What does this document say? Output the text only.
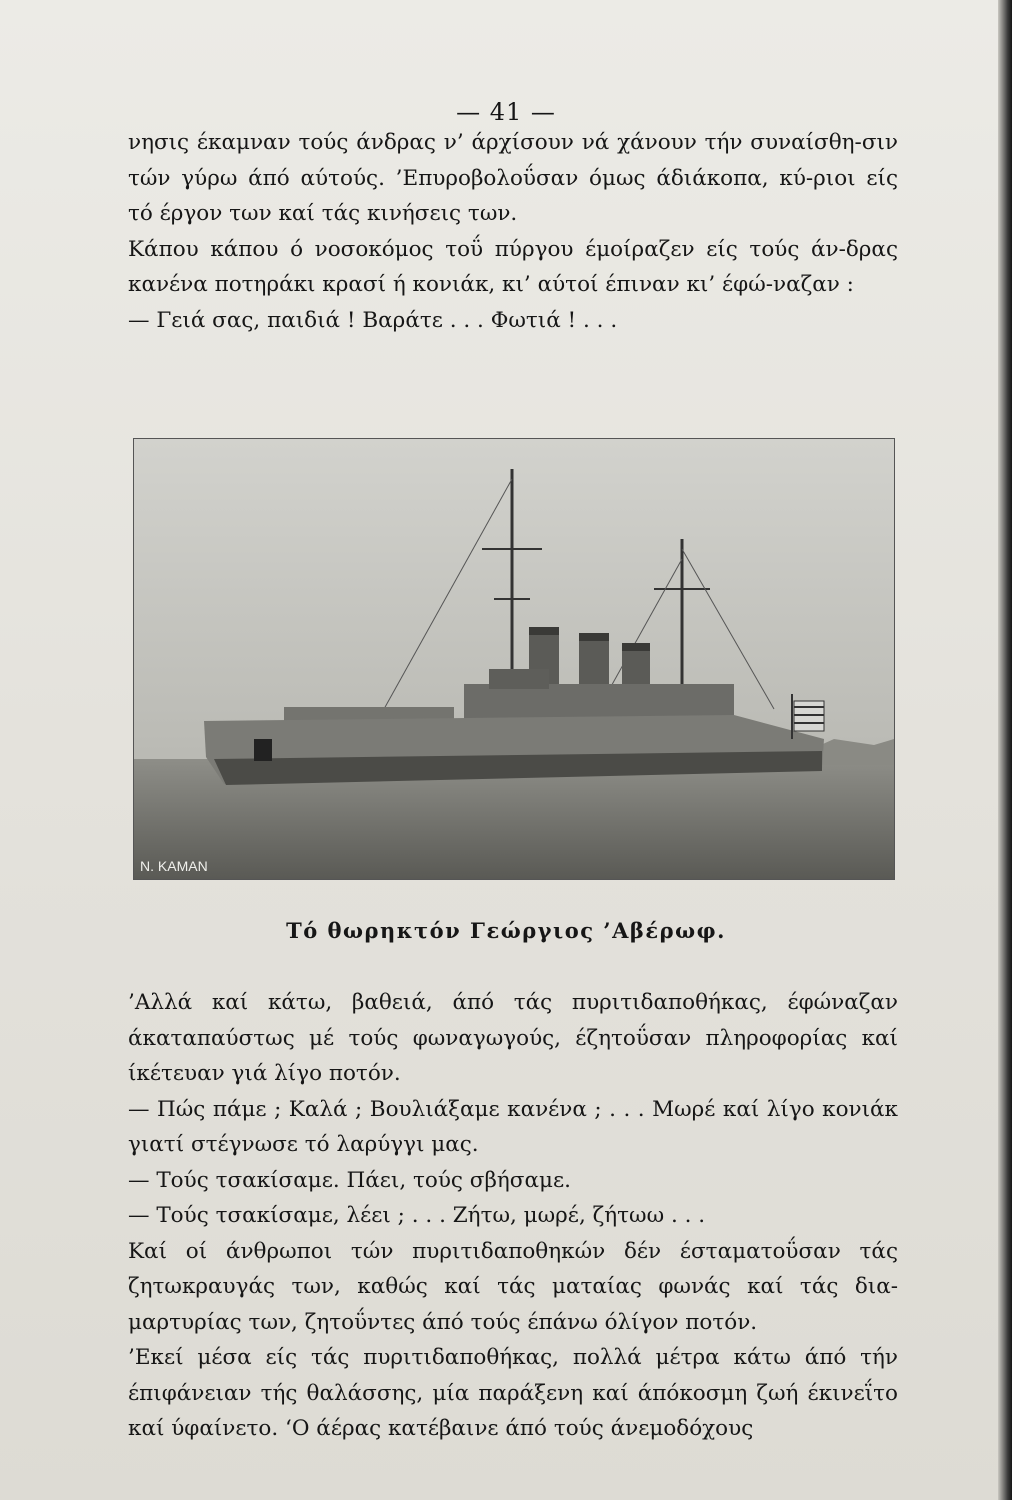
— 41 —

νησις έκαμναν τούς άνδρας ν’ άρχίσουν νά χάνουν τήν συναίσθη-σιν τών γύρω άπό αύτούς. ’Επυροβολοΰσαν όμως άδιάκοπα, κύ-ριοι είς τό έργον των καί τάς κινήσεις των.

Κάπου κάπου ό νοσοκόμος τοΰ πύργου έμοίραζεν είς τούς άν-δρας κανένα ποτηράκι κρασί ή κονιάκ, κι’ αύτοί έπιναν κι’ έφώ-ναζαν :

— Γειά σας, παιδιά ! Βαράτε . . . Φωτιά ! . . .

Ν. ΚΑΜΑΝ
Τό θωρηκτόν Γεώργιος ’Αβέρωφ.

’Αλλά καί κάτω, βαθειά, άπό τάς πυριτιδαποθήκας, έφώναζαν άκαταπαύστως μέ τούς φωναγωγούς, έζητοΰσαν πληροφορίας καί ίκέτευαν γιά λίγο ποτόν.

— Πώς πάμε ; Καλά ; Βουλιάξαμε κανένα ; . . . Μωρέ καί λίγο κονιάκ γιατί στέγνωσε τό λαρύγγι μας.

— Τούς τσακίσαμε. Πάει, τούς σβήσαμε.

— Τούς τσακίσαμε, λέει ; . . . Ζήτω, μωρέ, ζήτωω . . .

Καί οί άνθρωποι τών πυριτιδαποθηκών δέν έσταματοΰσαν τάς ζητωκραυγάς των, καθώς καί τάς ματαίας φωνάς καί τάς δια-μαρτυρίας των, ζητοΰντες άπό τούς έπάνω όλίγον ποτόν.

’Εκεί μέσα είς τάς πυριτιδαποθήκας, πολλά μέτρα κάτω άπό τήν έπιφάνειαν τής θαλάσσης, μία παράξενη καί άπόκοσμη ζωή έκινεΐτο καί ύφαίνετο. ‘Ο άέρας κατέβαινε άπό τούς άνεμοδόχους
